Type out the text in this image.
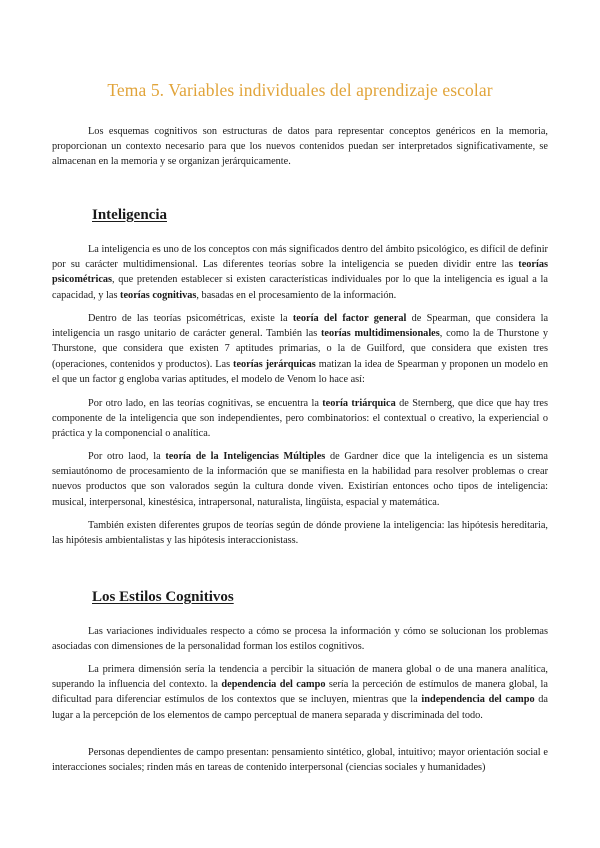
Tema 5. Variables individuales del aprendizaje escolar

Los esquemas cognitivos son estructuras de datos para representar conceptos genéricos en la memoria, proporcionan un contexto necesario para que los nuevos contenidos puedan ser interpretados significativamente, se almacenan en la memoria y se organizan jerárquicamente.

Inteligencia

La inteligencia es uno de los conceptos con más significados dentro del ámbito psicológico, es difícil de definir por su carácter multidimensional. Las diferentes teorías sobre la inteligencia se pueden dividir entre las teorías psicométricas, que pretenden establecer si existen características individuales por lo que la inteligencia es igual a la capacidad, y las teorías cognitivas, basadas en el procesamiento de la información.

Dentro de las teorías psicométricas, existe la teoría del factor general de Spearman, que considera la inteligencia un rasgo unitario de carácter general. También las teorías multidimensionales, como la de Thurstone y Thurstone, que considera que existen 7 aptitudes primarias, o la de Guilford, que considera que existen tres (operaciones, contenidos y productos). Las teorías jerárquicas matizan la idea de Spearman y proponen un modelo en el que un factor g engloba varias aptitudes, el modelo de Venom lo hace así:

Por otro lado, en las teorías cognitivas, se encuentra la teoría triárquica de Sternberg, que dice que hay tres componente de la inteligencia que son independientes, pero combinatorios: el contextual o creativo, la experiencial o práctica y la componencial o analítica.

Por otro laod, la teoría de la Inteligencias Múltiples de Gardner dice que la inteligencia es un sistema semiautónomo de procesamiento de la información que se manifiesta en la habilidad para resolver problemas o crear nuevos productos que son valorados según la cultura donde viven. Existirían entonces ocho tipos de inteligencia: musical, interpersonal, kinestésica, intrapersonal, naturalista, lingüista, espacial y matemática.

También existen diferentes grupos de teorías según de dónde proviene la inteligencia: las hipótesis hereditaria, las hipótesis ambientalistas y las hipótesis interaccionistass.

Los Estilos Cognitivos

Las variaciones individuales respecto a cómo se procesa la información y cómo se solucionan los problemas asociadas con dimensiones de la personalidad forman los estilos cognitivos.

La primera dimensión sería la tendencia a percibir la situación de manera global o de una manera analítica, superando la influencia del contexto. la dependencia del campo sería la perceción de estímulos de manera global, la dificultad para diferenciar estímulos de los contextos que se incluyen, mientras que la independencia del campo da lugar a la percepción de los elementos de campo perceptual de manera separada y discriminada del todo.

Personas dependientes de campo presentan: pensamiento sintético, global, intuitivo; mayor orientación social e interacciones sociales; rinden más en tareas de contenido interpersonal (ciencias sociales y humanidades)
